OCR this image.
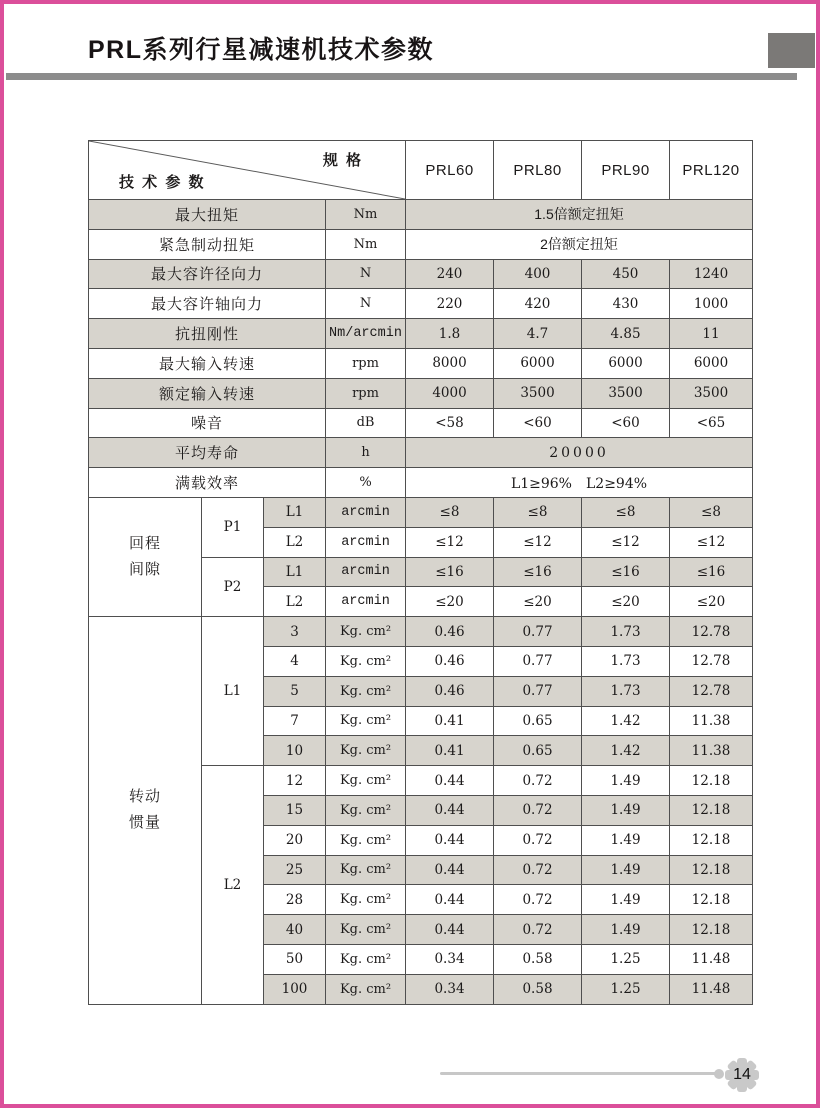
PRL系列行星减速机技术参数
规 格
技 术 参 数				PRL60	PRL80	PRL90	PRL120
最大扭矩			Nm	1.5倍额定扭矩			
紧急制动扭矩			Nm	2倍额定扭矩			
最大容许径向力			N	240	400	450	1240
最大容许轴向力			N	220	420	430	1000
抗扭刚性			Nm/arcmin	1.8	4.7	4.85	11
最大输入转速			rpm	8000	6000	6000	6000
额定输入转速			rpm	4000	3500	3500	3500
噪音			dB	<58	<60	<60	<65
平均寿命			h	20000			
满载效率			%	L1≥96%　L2≥94%			

回程
间隙	P1	L1	arcmin	≤8	≤8	≤8	≤8
		L2	arcmin	≤12	≤12	≤12	≤12
	P2	L1	arcmin	≤16	≤16	≤16	≤16
		L2	arcmin	≤20	≤20	≤20	≤20

转动
惯量	L1	3	Kg. cm²	0.46	0.77	1.73	12.78
		4	Kg. cm²	0.46	0.77	1.73	12.78
		5	Kg. cm²	0.46	0.77	1.73	12.78
		7	Kg. cm²	0.41	0.65	1.42	11.38
		10	Kg. cm²	0.41	0.65	1.42	11.38
	L2	12	Kg. cm²	0.44	0.72	1.49	12.18
		15	Kg. cm²	0.44	0.72	1.49	12.18
		20	Kg. cm²	0.44	0.72	1.49	12.18
		25	Kg. cm²	0.44	0.72	1.49	12.18
		28	Kg. cm²	0.44	0.72	1.49	12.18
		40	Kg. cm²	0.44	0.72	1.49	12.18
		50	Kg. cm²	0.34	0.58	1.25	11.48
		100	Kg. cm²	0.34	0.58	1.25	11.48
14
